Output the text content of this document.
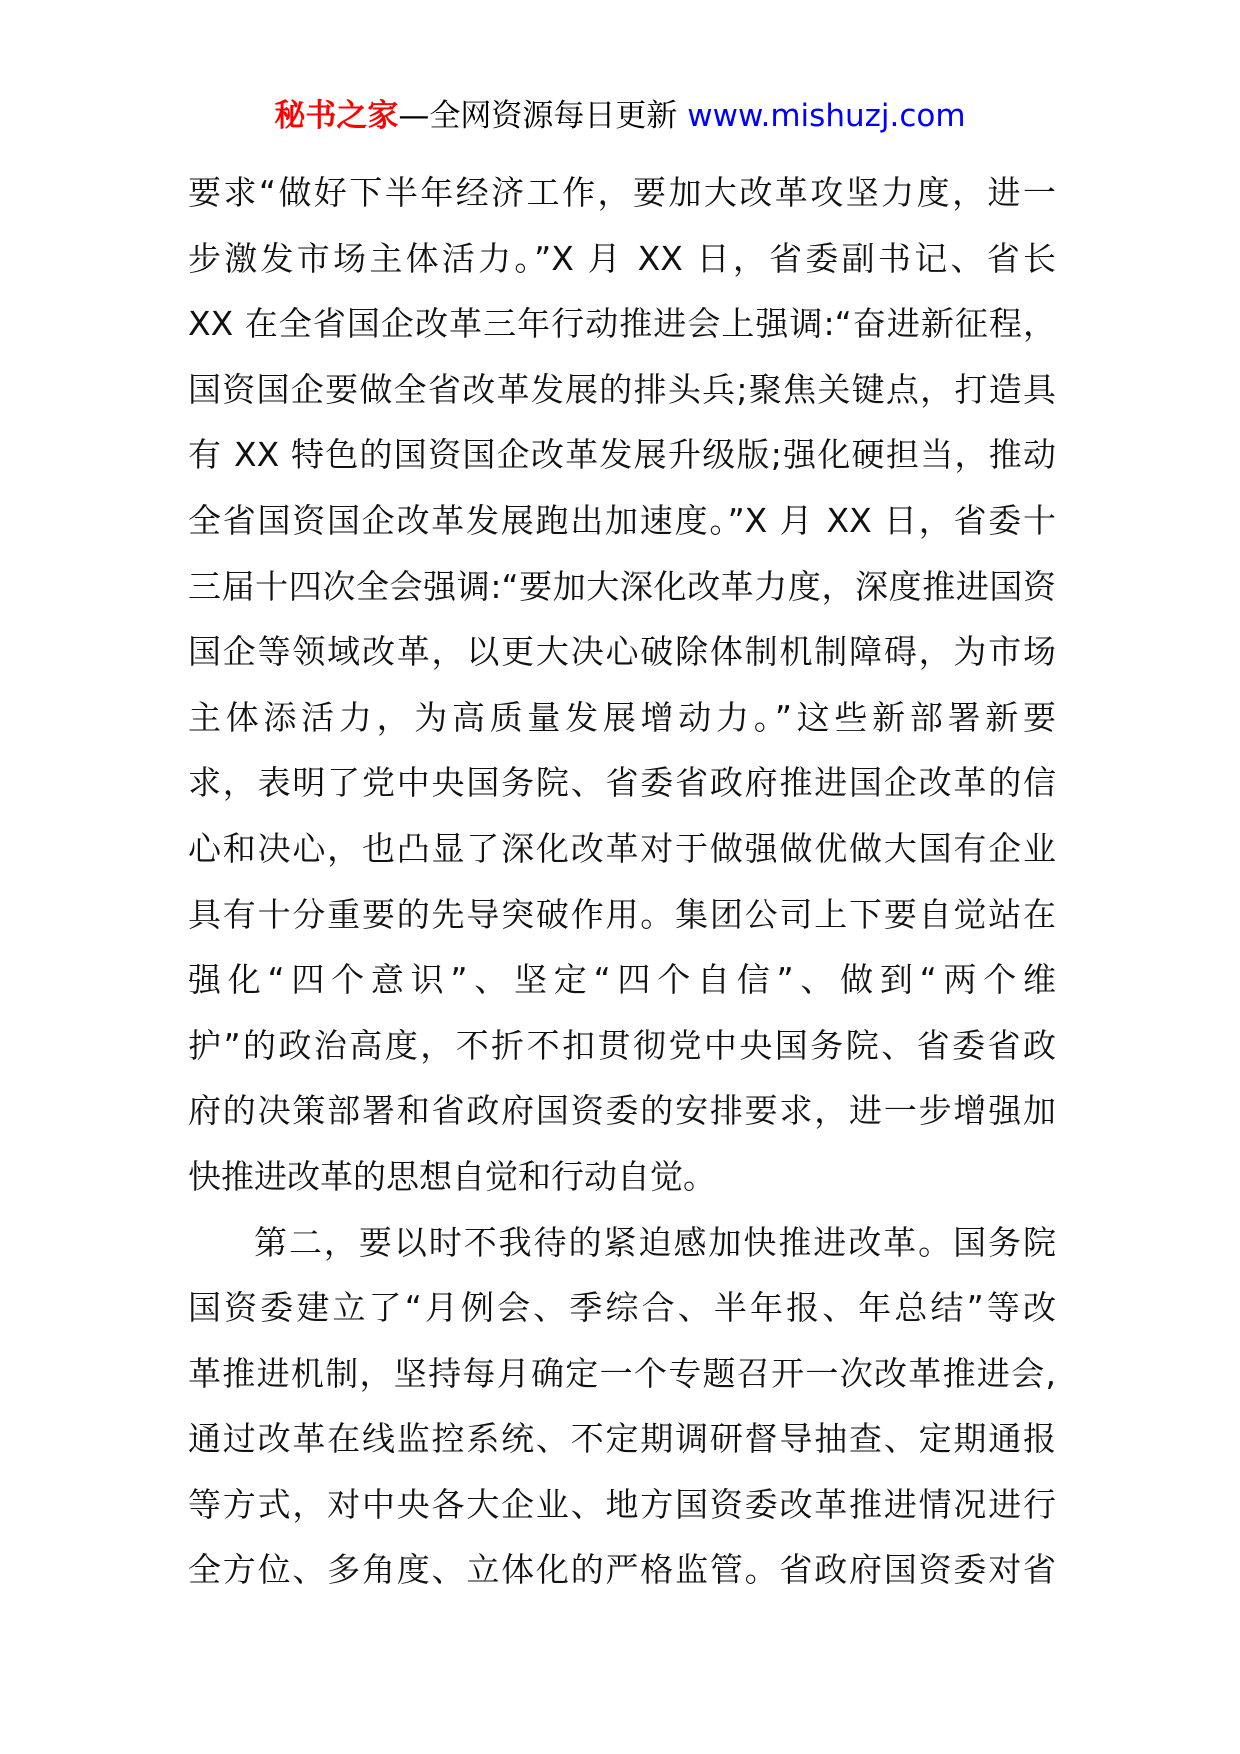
秘书之家—全网资源每日更新 www.mishuzj.com
要求“做好下半年经济工作，要加大改革攻坚力度，进一
步激发市场主体活力。”X 月 XX 日，省委副书记、省长
XX 在全省国企改革三年行动推进会上强调:“奋进新征程，
国资国企要做全省改革发展的排头兵;聚焦关键点，打造具
有 XX 特色的国资国企改革发展升级版;强化硬担当，推动
全省国资国企改革发展跑出加速度。”X 月 XX 日，省委十
三届十四次全会强调:“要加大深化改革力度，深度推进国资
国企等领域改革，以更大决心破除体制机制障碍，为市场
主体添活力，为高质量发展增动力。”这些新部署新要
求，表明了党中央国务院、省委省政府推进国企改革的信
心和决心，也凸显了深化改革对于做强做优做大国有企业
具有十分重要的先导突破作用。集团公司上下要自觉站在
强化“四个意识”、坚定“四个自信”、做到“两个维
护”的政治高度，不折不扣贯彻党中央国务院、省委省政
府的决策部署和省政府国资委的安排要求，进一步增强加
快推进改革的思想自觉和行动自觉。
第二，要以时不我待的紧迫感加快推进改革。国务院
国资委建立了“月例会、季综合、半年报、年总结”等改
革推进机制，坚持每月确定一个专题召开一次改革推进会,
通过改革在线监控系统、不定期调研督导抽查、定期通报
等方式，对中央各大企业、地方国资委改革推进情况进行
全方位、多角度、立体化的严格监管。省政府国资委对省
